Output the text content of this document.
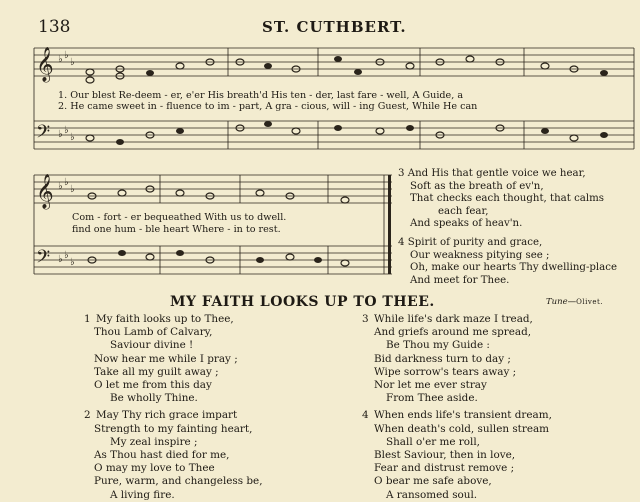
138	ST. CUTHBERT.
𝄞
𝄢
𝄞
𝄢
♭ ♭
♭
♭ ♭
♭
♭ ♭
♭
♭ ♭
♭
1. Our blest Re-deem - er, e'er His breath'd His ten - der, last fare - well, A Guide, a
2. He came sweet in - fluence to im - part, A gra - cious, will - ing Guest, While He can
Com - fort - er bequeathed With us to dwell.
find one hum - ble heart Where - in to rest.
3 And His that gentle voice we hear,
Soft as the breath of ev'n,
That checks each thought, that calms
each fear,
And speaks of heav'n.
4 Spirit of purity and grace,
Our weakness pitying see ;
Oh, make our hearts Thy dwelling-place
And meet for Thee.
MY FAITH LOOKS UP TO THEE.	Tune—Olivet.
1 My faith looks up to Thee,
Thou Lamb of Calvary,
Saviour divine !
Now hear me while I pray ;
Take all my guilt away ;
O let me from this day
Be wholly Thine.
2 May Thy rich grace impart
Strength to my fainting heart,
My zeal inspire ;
As Thou hast died for me,
O may my love to Thee
Pure, warm, and changeless be,
A living fire.
3 While life's dark maze I tread,
And griefs around me spread,
Be Thou my Guide :
Bid darkness turn to day ;
Wipe sorrow's tears away ;
Nor let me ever stray
From Thee aside.
4 When ends life's transient dream,
When death's cold, sullen stream
Shall o'er me roll,
Blest Saviour, then in love,
Fear and distrust remove ;
O bear me safe above,
A ransomed soul.
